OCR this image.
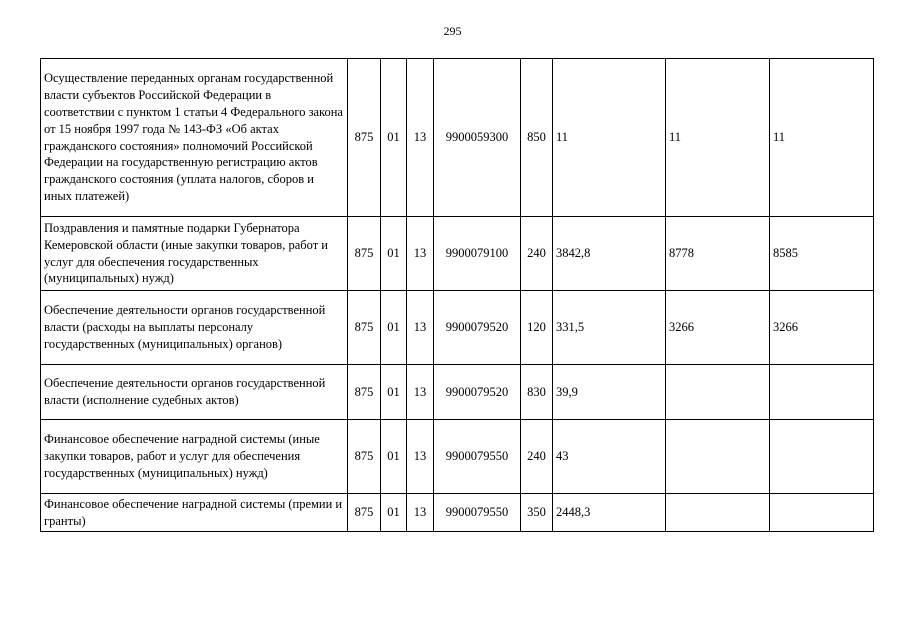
295
Осуществление переданных органам государственной власти субъектов Российской Федерации в соответствии с пунктом 1 статьи 4 Федерального закона от 15 ноября 1997 года № 143-ФЗ «Об актах гражданского состояния» полномочий Российской Федерации на государственную регистрацию актов гражданского состояния (уплата налогов, сборов и иных платежей)	875	01	13	9900059300	850	11	11	11
Поздравления и памятные подарки Губернатора Кемеровской области (иные закупки товаров, работ и услуг для обеспечения государственных (муниципальных) нужд)	875	01	13	9900079100	240	3842,8	8778	8585
Обеспечение деятельности органов государственной власти (расходы на выплаты персоналу государственных (муниципальных) органов)	875	01	13	9900079520	120	331,5	3266	3266
Обеспечение деятельности органов государственной власти (исполнение судебных актов)	875	01	13	9900079520	830	39,9		
Финансовое обеспечение наградной системы (иные закупки товаров, работ и услуг для обеспечения государственных (муниципальных) нужд)	875	01	13	9900079550	240	43		
Финансовое обеспечение наградной системы (премии и гранты)	875	01	13	9900079550	350	2448,3		
